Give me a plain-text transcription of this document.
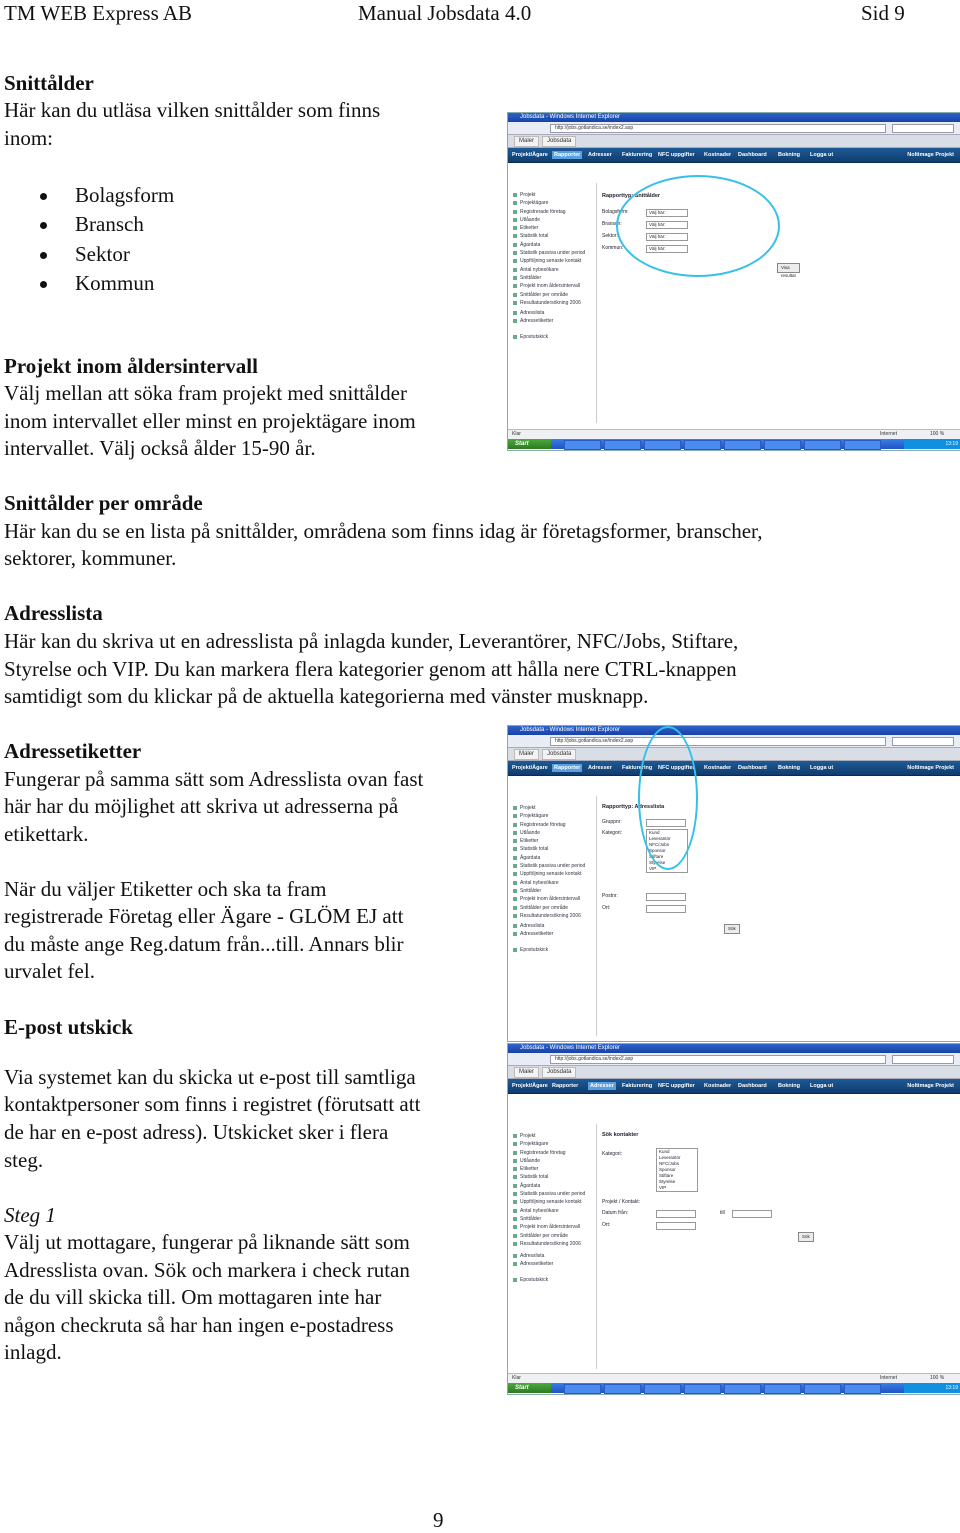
TM WEB Express AB	Manual Jobsdata 4.0	Sid 9
Snittålder
Här kan du utläsa vilken snittålder som finns
inom:
Bolagsform
Bransch
Sektor
Kommun
Projekt inom åldersintervall
Välj mellan att söka fram projekt med snittålder
inom intervallet eller minst en projektägare inom
intervallet. Välj också ålder 15-90 år.
Snittålder per område
Här kan du se en lista på snittålder, områdena som finns idag är företagsformer, branscher,
sektorer, kommuner.
Adresslista
Här kan du skriva ut en adresslista på inlagda kunder, Leverantörer, NFC/Jobs, Stiftare,
Styrelse och VIP. Du kan markera flera kategorier genom att hålla nere CTRL-knappen
samtidigt som du klickar på de aktuella kategorierna med vänster musknapp.
Adressetiketter
Fungerar på samma sätt som Adresslista ovan fast
här har du möjlighet att skriva ut adresserna på
etikettark.
När du väljer Etiketter och ska ta fram
registrerade Företag eller Ägare - GLÖM EJ att
du måste ange Reg.datum från...till. Annars blir
urvalet fel.
E-post utskick
Via systemet kan du skicka ut e-post till samtliga
kontaktpersoner som finns i registret (förutsatt att
de har en e-post adress). Utskicket sker i flera
steg.
Steg 1
Välj ut mottagare, fungerar på liknande sätt som
Adresslista ovan. Sök och markera i check rutan
de du vill skicka till. Om mottagaren inte har
någon checkruta så har han ingen e-postadress
inlagd.
9
Jobsdata - Windows Internet Explorer
http://jobs.gotlandica.se/index2.asp
Maler	Jobsdata
Projekt/Ägare	Rapporter	Adresser Fakturering NFC uppgifter Kostnader Dashboard Bokning Logga ut	Noltimage Projekt
Projekt
Projektägare
Registrerade företag
Utlåande
Etiketter
Statistik total
Ägardata
Statistik passiva under period
Uppföljning senaste kontakt
Antal nybesökare
Snittålder
Projekt inom åldersintervall
Snittålder per område
Resultatundersökning 2006
Adresslista
Adressetiketter
Epostutskick
Rapporttyp: Snittålder
Bolagsform:	Välj här:
Bransch:	Välj här:
Sektor:	Välj här:
Kommun:	Välj här:
Visa resultat
Klar	Internet	100 %
Start	13:19
Jobsdata - Windows Internet Explorer
http://jobs.gotlandica.se/index2.asp
Maler	Jobsdata
Projekt/Ägare	Rapporter	Adresser Fakturering NFC uppgifter Kostnader Dashboard Bokning Logga ut	Noltimage Projekt
Projekt
Projektägare
Registrerade företag
Utlåande
Etiketter
Statistik total
Ägardata
Statistik passiva under period
Uppföljning senaste kontakt
Antal nybesökare
Snittålder
Projekt inom åldersintervall
Snittålder per område
Resultatundersökning 2006
Adresslista
Adressetiketter
Epostutskick
Rapporttyp: Adresslista
Gruppnr:
Kategori:	Kund
Leverantör
NFC/Jobs
Sponsor
Stiftare
Styrelse
VIP
Postnr:
Ort:
Sök
Jobsdata - Windows Internet Explorer
http://jobs.gotlandica.se/index2.asp
Maler	Jobsdata
Projekt/Ägare Rapporter	Adresser	Fakturering NFC uppgifter Kostnader Dashboard Bokning Logga ut	Noltimage Projekt
Projekt
Projektägare
Registrerade företag
Utlåande
Etiketter
Statistik total
Ägardata
Statistik passiva under period
Uppföljning senaste kontakt
Antal nybesökare
Snittålder
Projekt inom åldersintervall
Snittålder per område
Resultatundersökning 2006
Adresslista
Adressetiketter
Epostutskick
Sök kontakter
Kategori:	Kund
Leverantör
NFC/Jobs
Sponsor
Stiftare
Styrelse
VIP
Projekt / Kontakt:
Datum från:	till
Ort:
Sök
Klar	Internet	100 %
Start	13:19
